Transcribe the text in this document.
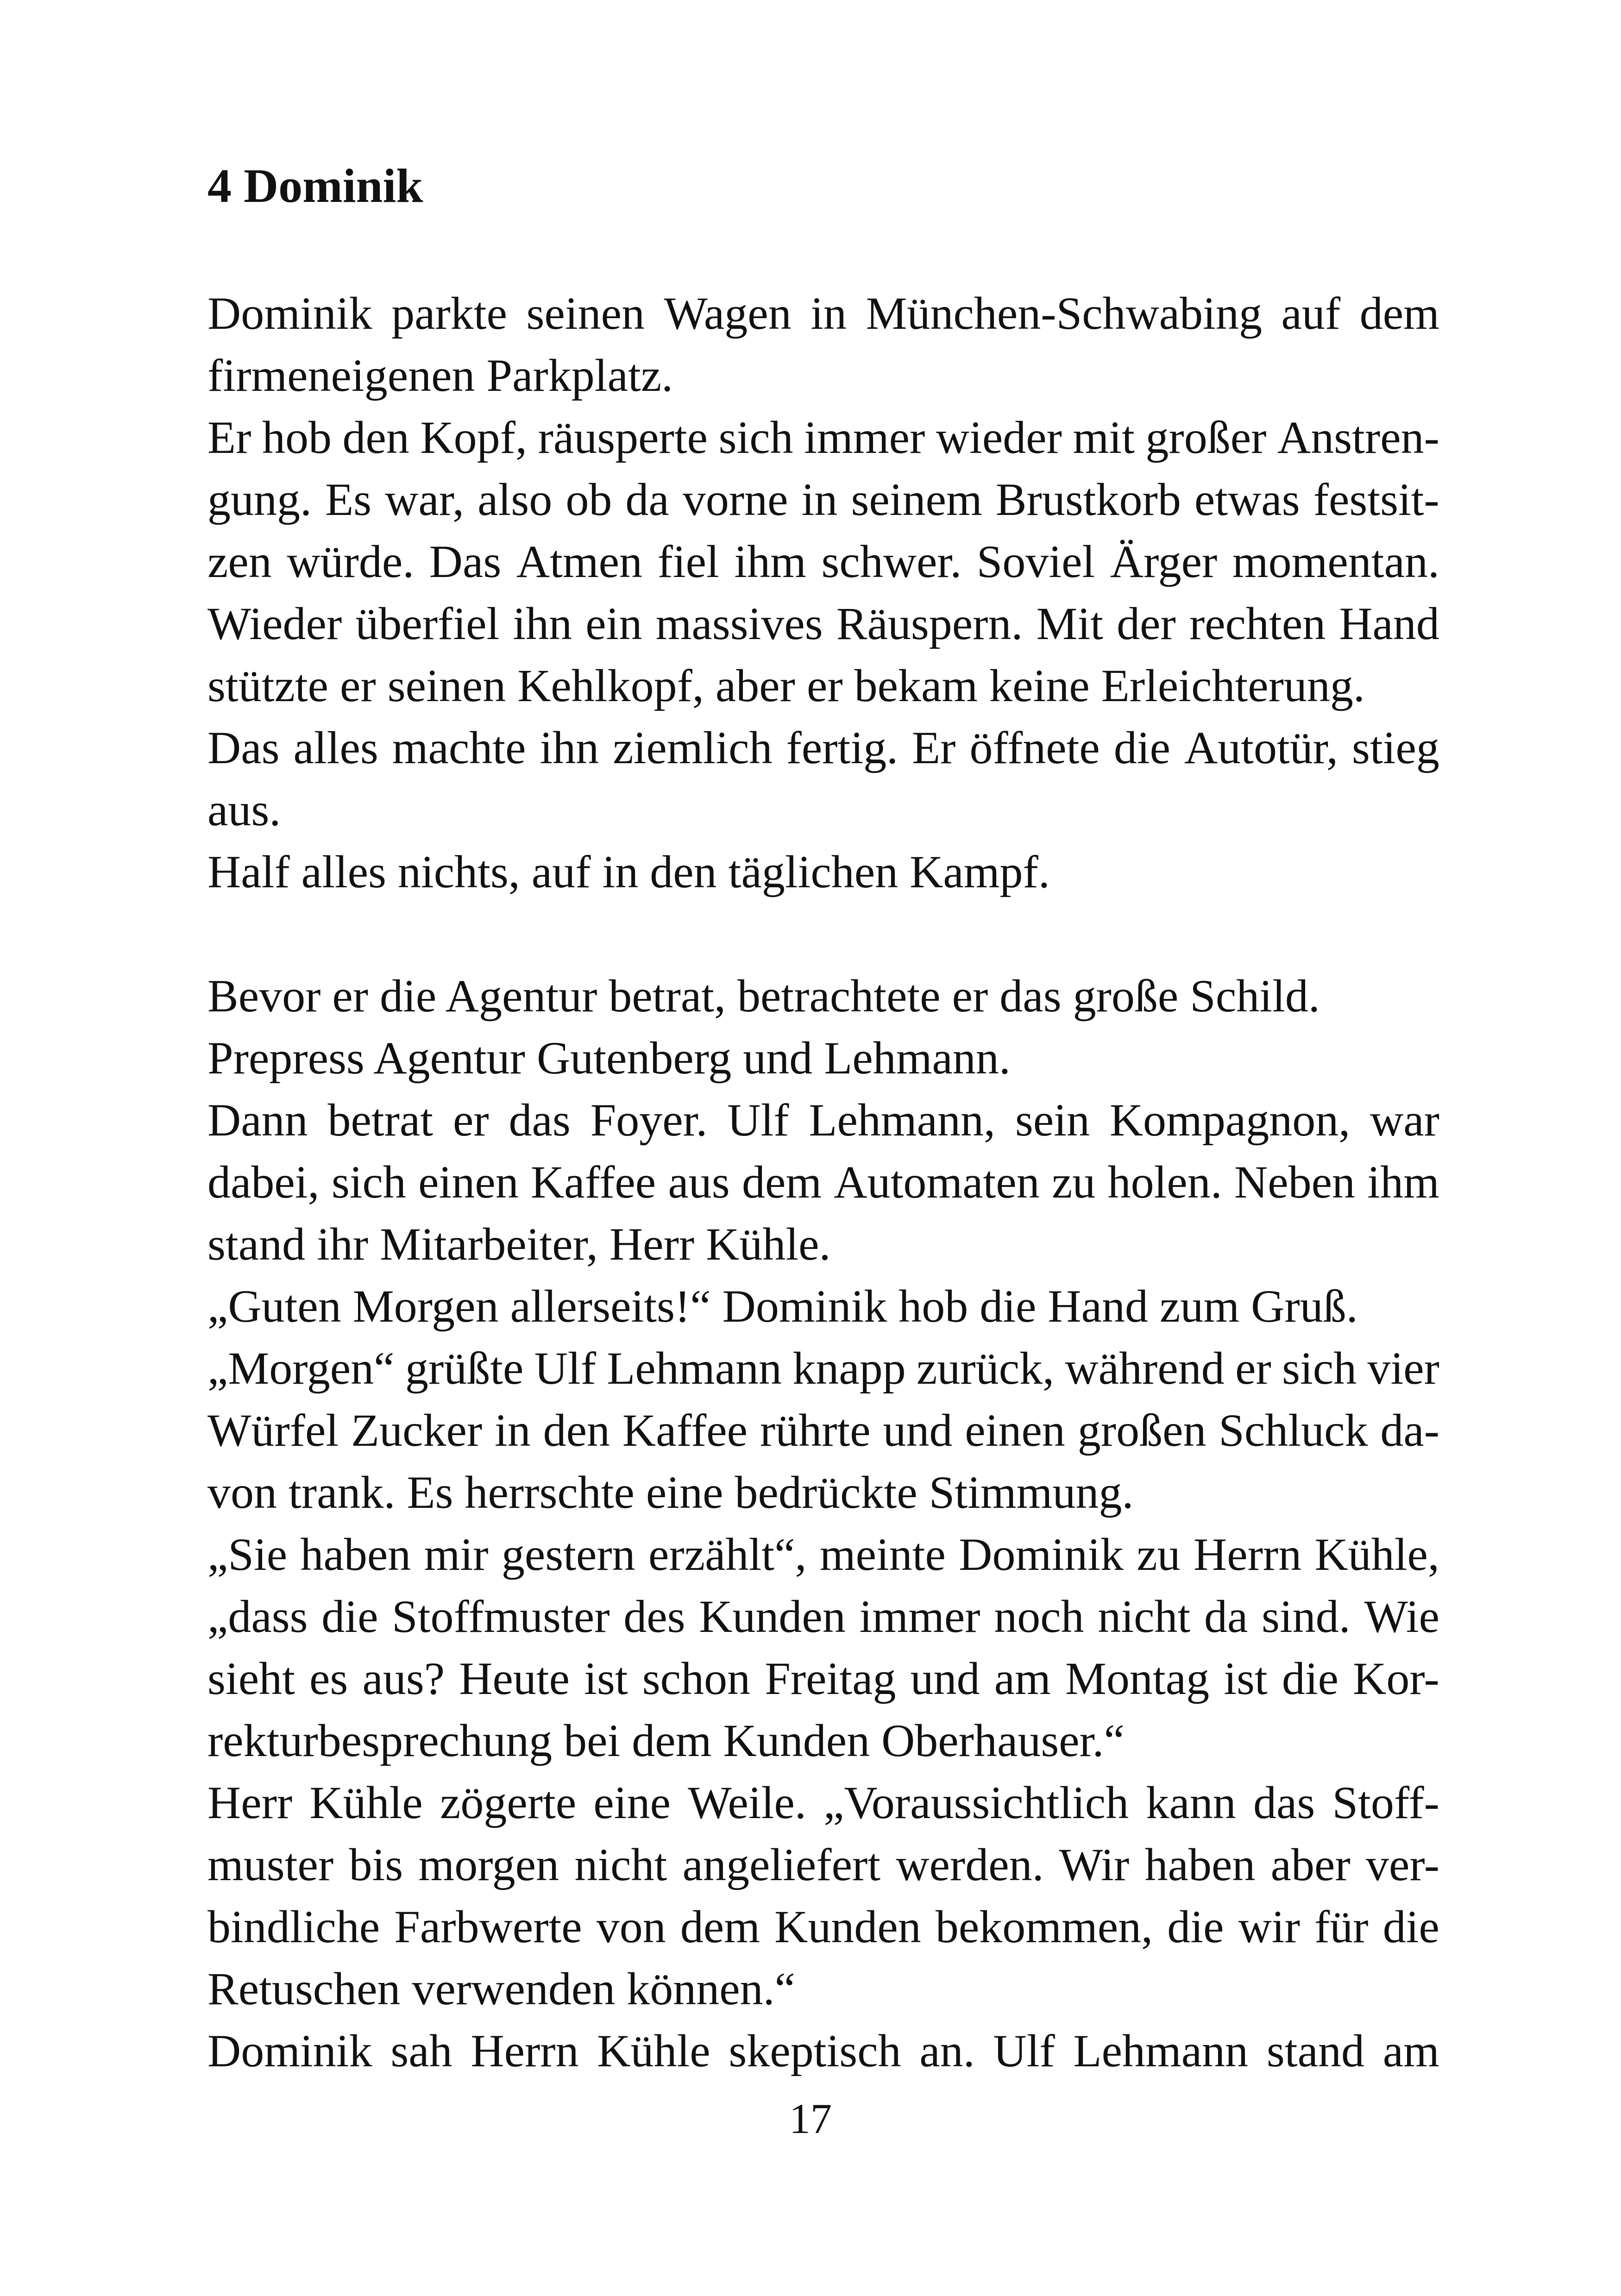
4 Dominik
Dominik parkte seinen Wagen in München-Schwabing auf dem
firmeneigenen Parkplatz.
Er hob den Kopf, räusperte sich immer wieder mit großer Anstren-
gung. Es war, also ob da vorne in seinem Brustkorb etwas festsit-
zen würde. Das Atmen fiel ihm schwer. Soviel Ärger momentan.
Wieder überfiel ihn ein massives Räuspern. Mit der rechten Hand
stützte er seinen Kehlkopf, aber er bekam keine Erleichterung.
Das alles machte ihn ziemlich fertig. Er öffnete die Autotür, stieg
aus.
Half alles nichts, auf in den täglichen Kampf.
Bevor er die Agentur betrat, betrachtete er das große Schild.
Prepress Agentur Gutenberg und Lehmann.
Dann betrat er das Foyer. Ulf Lehmann, sein Kompagnon, war
dabei, sich einen Kaffee aus dem Automaten zu holen. Neben ihm
stand ihr Mitarbeiter, Herr Kühle.
„Guten Morgen allerseits!“ Dominik hob die Hand zum Gruß.
„Morgen“ grüßte Ulf Lehmann knapp zurück, während er sich vier
Würfel Zucker in den Kaffee rührte und einen großen Schluck da-
von trank. Es herrschte eine bedrückte Stimmung.
„Sie haben mir gestern erzählt“, meinte Dominik zu Herrn Kühle,
„dass die Stoffmuster des Kunden immer noch nicht da sind. Wie
sieht es aus? Heute ist schon Freitag und am Montag ist die Kor-
rekturbesprechung bei dem Kunden Oberhauser.“
Herr Kühle zögerte eine Weile. „Voraussichtlich kann das Stoff-
muster bis morgen nicht angeliefert werden. Wir haben aber ver-
bindliche Farbwerte von dem Kunden bekommen, die wir für die
Retuschen verwenden können.“
Dominik sah Herrn Kühle skeptisch an. Ulf Lehmann stand am
17
